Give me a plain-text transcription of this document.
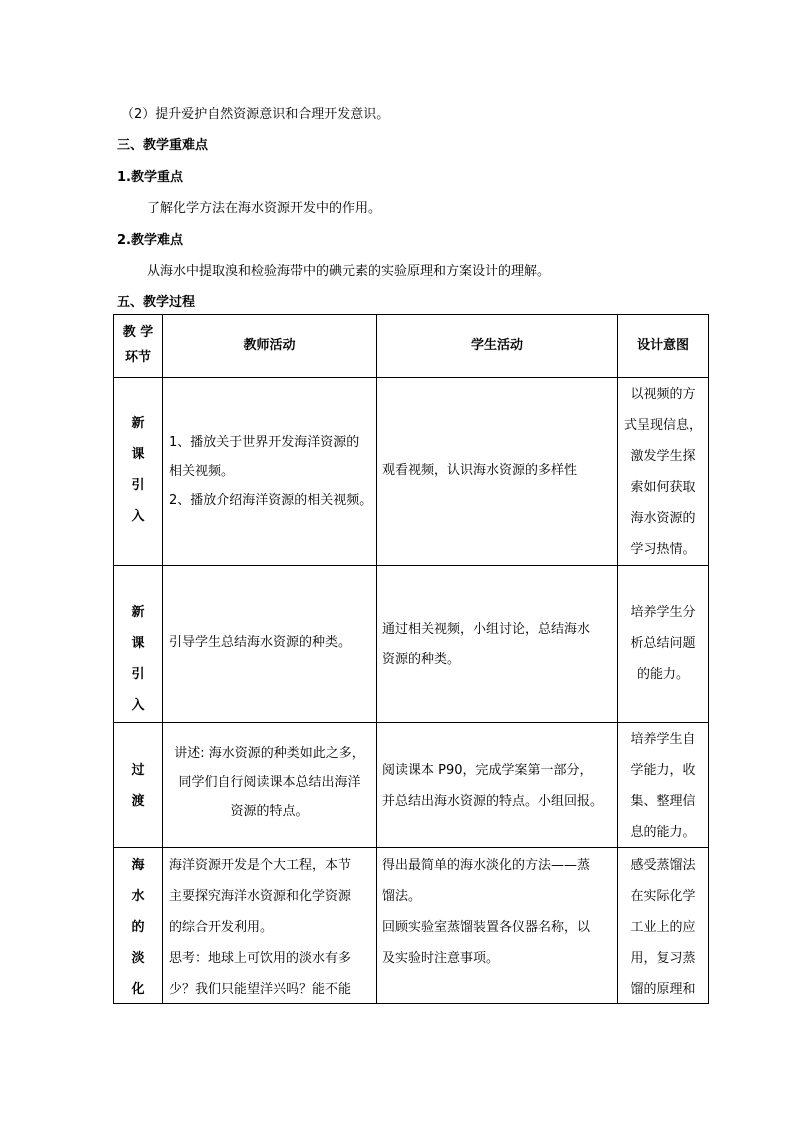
（2）提升爱护自然资源意识和合理开发意识。
三、教学重难点
1.教学重点
了解化学方法在海水资源开发中的作用。
2.教学难点
从海水中提取溴和检验海带中的碘元素的实验原理和方案设计的理解。
五、教学过程
教 学
环节
教师活动	学生活动	设计意图
新
课
引
入
1、播放关于世界开发海洋资源的
相关视频。
2、播放介绍海洋资源的相关视频。
观看视频，认识海水资源的多样性
以视频的方
式呈现信息，
激发学生探
索如何获取
海水资源的
学习热情。
新
课
引
入
引导学生总结海水资源的种类。
通过相关视频，小组讨论，总结海水
资源的种类。
培养学生分
析总结问题
的能力。
过
渡
讲述: 海水资源的种类如此之多，
同学们自行阅读课本总结出海洋
资源的特点。
阅读课本 P90，完成学案第一部分，
并总结出海水资源的特点。小组回报。
培养学生自
学能力，收
集、整理信
息的能力。
海
水
的
淡
化
海洋资源开发是个大工程，本节
主要探究海洋水资源和化学资源
的综合开发利用。
思考：地球上可饮用的淡水有多
少？我们只能望洋兴吗？能不能
得出最简单的海水淡化的方法——蒸
馏法。
回顾实验室蒸馏装置各仪器名称，以
及实验时注意事项。
感受蒸馏法
在实际化学
工业上的应
用，复习蒸
馏的原理和
